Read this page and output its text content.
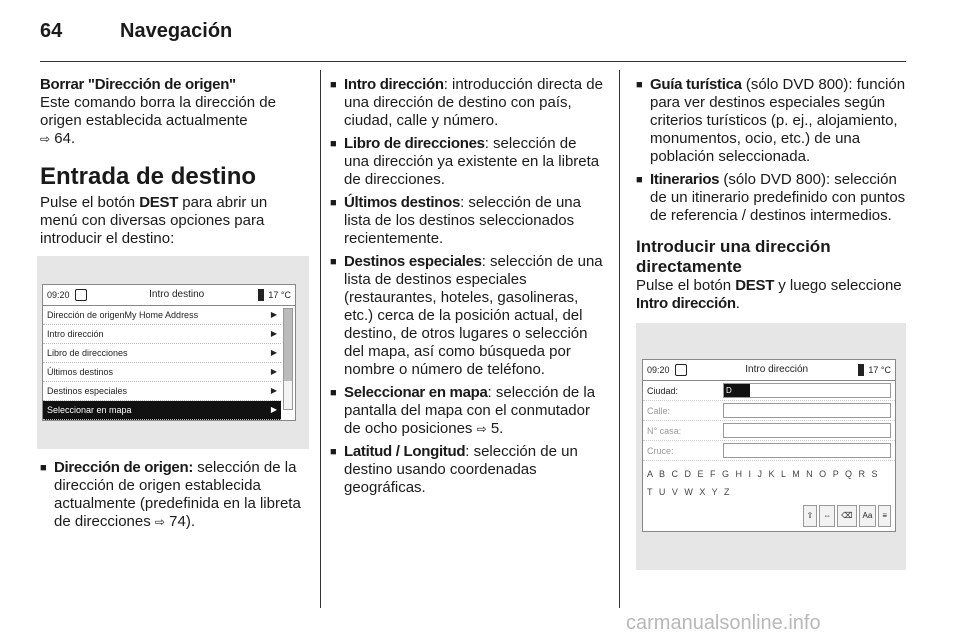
64	Navegación

Borrar "Dirección de origen"

Este comando borra la dirección de origen establecida actualmente
⇨ 64.

Entrada de destino

Pulse el botón DEST para abrir un menú con diversas opciones para introducir el destino:

09:20	Intro destino	17 °C
Dirección de origenMy Home Address	▶
Intro dirección	▶
Libro de direcciones	▶
Últimos destinos	▶
Destinos especiales	▶
Seleccionar en mapa	▶
■ Dirección de origen: selección de la dirección de origen establecida actualmente (predefinida en la libreta de direcciones ⇨ 74).
■ Intro dirección: introducción directa de una dirección de destino con país, ciudad, calle y número.
■ Libro de direcciones: selección de una dirección ya existente en la libreta de direcciones.
■ Últimos destinos: selección de una lista de los destinos seleccionados recientemente.
■ Destinos especiales: selección de una lista de destinos especiales (restaurantes, hoteles, gasolineras, etc.) cerca de la posición actual, del destino, de otros lugares o selección del mapa, así como búsqueda por nombre o número de teléfono.
■ Seleccionar en mapa: selección de la pantalla del mapa con el conmutador de ocho posiciones ⇨ 5.
■ Latitud / Longitud: selección de un destino usando coordenadas geográficas.
■ Guía turística (sólo DVD 800): función para ver destinos especiales según criterios turísticos (p. ej., alojamiento, monumentos, ocio, etc.) de una población seleccionada.
■ Itinerarios (sólo DVD 800): selección de un itinerario predefinido con puntos de referencia / destinos intermedios.
Introducir una dirección directamente

Pulse el botón DEST y luego seleccione Intro dirección.

09:20	Intro dirección	17 °C
Ciudad:	D
Calle:
N° casa:
Cruce:
A B C D E F G H I J K L M N O P Q R S T U V W X Y Z
⇧	⇔	⌫	Aa	≡
carmanualsonline.info
